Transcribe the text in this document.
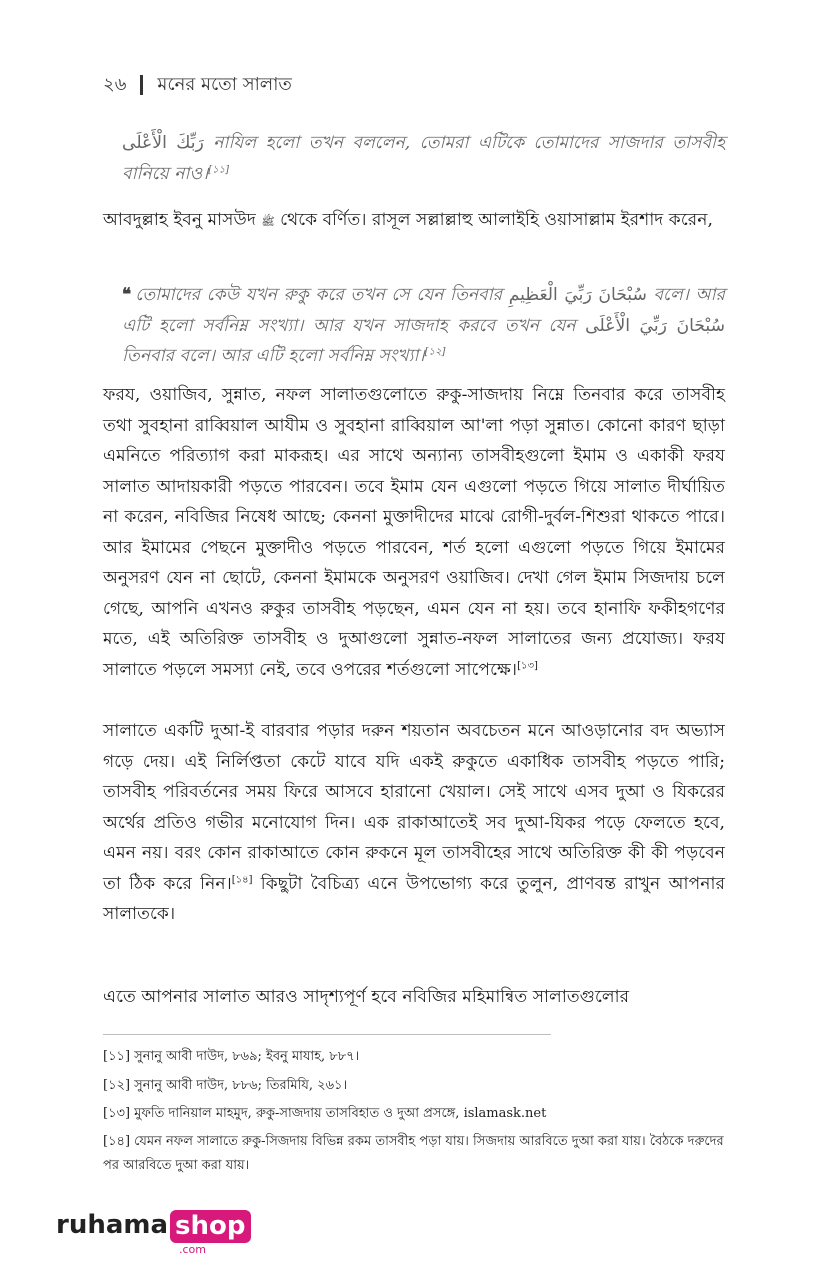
২৬ মনের মতো সালাত

رَبِّكَ الْأَعْلَى নাযিল হলো তখন বললেন, তোমরা এটিকে তোমাদের সাজদার তাসবীহ বানিয়ে নাও।[১১]

আবদুল্লাহ ইবনু মাসউদ ﷺ থেকে বর্ণিত। রাসূল সল্লাল্লাহু আলাইহি ওয়াসাল্লাম ইরশাদ করেন,

❝ তোমাদের কেউ যখন রুকু করে তখন সে যেন তিনবার سُبْحَانَ رَبِّيَ الْعَظِيمِ বলে। আর এটি হলো সর্বনিম্ন সংখ্যা। আর যখন সাজদাহ করবে তখন যেন سُبْحَانَ رَبِّيَ الْأَعْلَى তিনবার বলে। আর এটি হলো সর্বনিম্ন সংখ্যা।[১২]

ফরয, ওয়াজিব, সুন্নাত, নফল সালাতগুলোতে রুকু-সাজদায় নিম্নে তিনবার করে তাসবীহ তথা সুবহানা রাব্বিয়াল আযীম ও সুবহানা রাব্বিয়াল আ'লা পড়া সুন্নাত। কোনো কারণ ছাড়া এমনিতে পরিত্যাগ করা মাকরূহ। এর সাথে অন্যান্য তাসবীহগুলো ইমাম ও একাকী ফরয সালাত আদায়কারী পড়তে পারবেন। তবে ইমাম যেন এগুলো পড়তে গিয়ে সালাত দীর্ঘায়িত না করেন, নবিজির নিষেধ আছে; কেননা মুক্তাদীদের মাঝে রোগী-দুর্বল-শিশুরা থাকতে পারে। আর ইমামের পেছনে মুক্তাদীও পড়তে পারবেন, শর্ত হলো এগুলো পড়তে গিয়ে ইমামের অনুসরণ যেন না ছোটে, কেননা ইমামকে অনুসরণ ওয়াজিব। দেখা গেল ইমাম সিজদায় চলে গেছে, আপনি এখনও রুকুর তাসবীহ পড়ছেন, এমন যেন না হয়। তবে হানাফি ফকীহগণের মতে, এই অতিরিক্ত তাসবীহ ও দুআগুলো সুন্নাত-নফল সালাতের জন্য প্রযোজ্য। ফরয সালাতে পড়লে সমস্যা নেই, তবে ওপরের শর্তগুলো সাপেক্ষে।[১৩]

সালাতে একটি দুআ-ই বারবার পড়ার দরুন শয়তান অবচেতন মনে আওড়ানোর বদ অভ্যাস গড়ে দেয়। এই নির্লিপ্ততা কেটে যাবে যদি একই রুকুতে একাধিক তাসবীহ পড়তে পারি; তাসবীহ পরিবর্তনের সময় ফিরে আসবে হারানো খেয়াল। সেই সাথে এসব দুআ ও যিকরের অর্থের প্রতিও গভীর মনোযোগ দিন। এক রাকাআতেই সব দুআ-যিকর পড়ে ফেলতে হবে, এমন নয়। বরং কোন রাকাআতে কোন রুকনে মূল তাসবীহের সাথে অতিরিক্ত কী কী পড়বেন তা ঠিক করে নিন।[১৪] কিছুটা বৈচিত্র্য এনে উপভোগ্য করে তুলুন, প্রাণবন্ত রাখুন আপনার সালাতকে।

এতে আপনার সালাত আরও সাদৃশ্যপূর্ণ হবে নবিজির মহিমান্বিত সালাতগুলোর

[১১] সুনানু আবী দাউদ, ৮৬৯; ইবনু মাযাহ, ৮৮৭।
[১২] সুনানু আবী দাউদ, ৮৮৬; তিরমিযি, ২৬১।
[১৩] মুফতি দানিয়াল মাহমুদ, রুকু-সাজদায় তাসবিহাত ও দুআ প্রসঙ্গে, islamask.net
[১৪] যেমন নফল সালাতে রুকু-সিজদায় বিভিন্ন রকম তাসবীহ পড়া যায়। সিজদায় আরবিতে দুআ করা যায়। বৈঠকে দরুদের পর আরবিতে দুআ করা যায়।
ruhama shop
.com
